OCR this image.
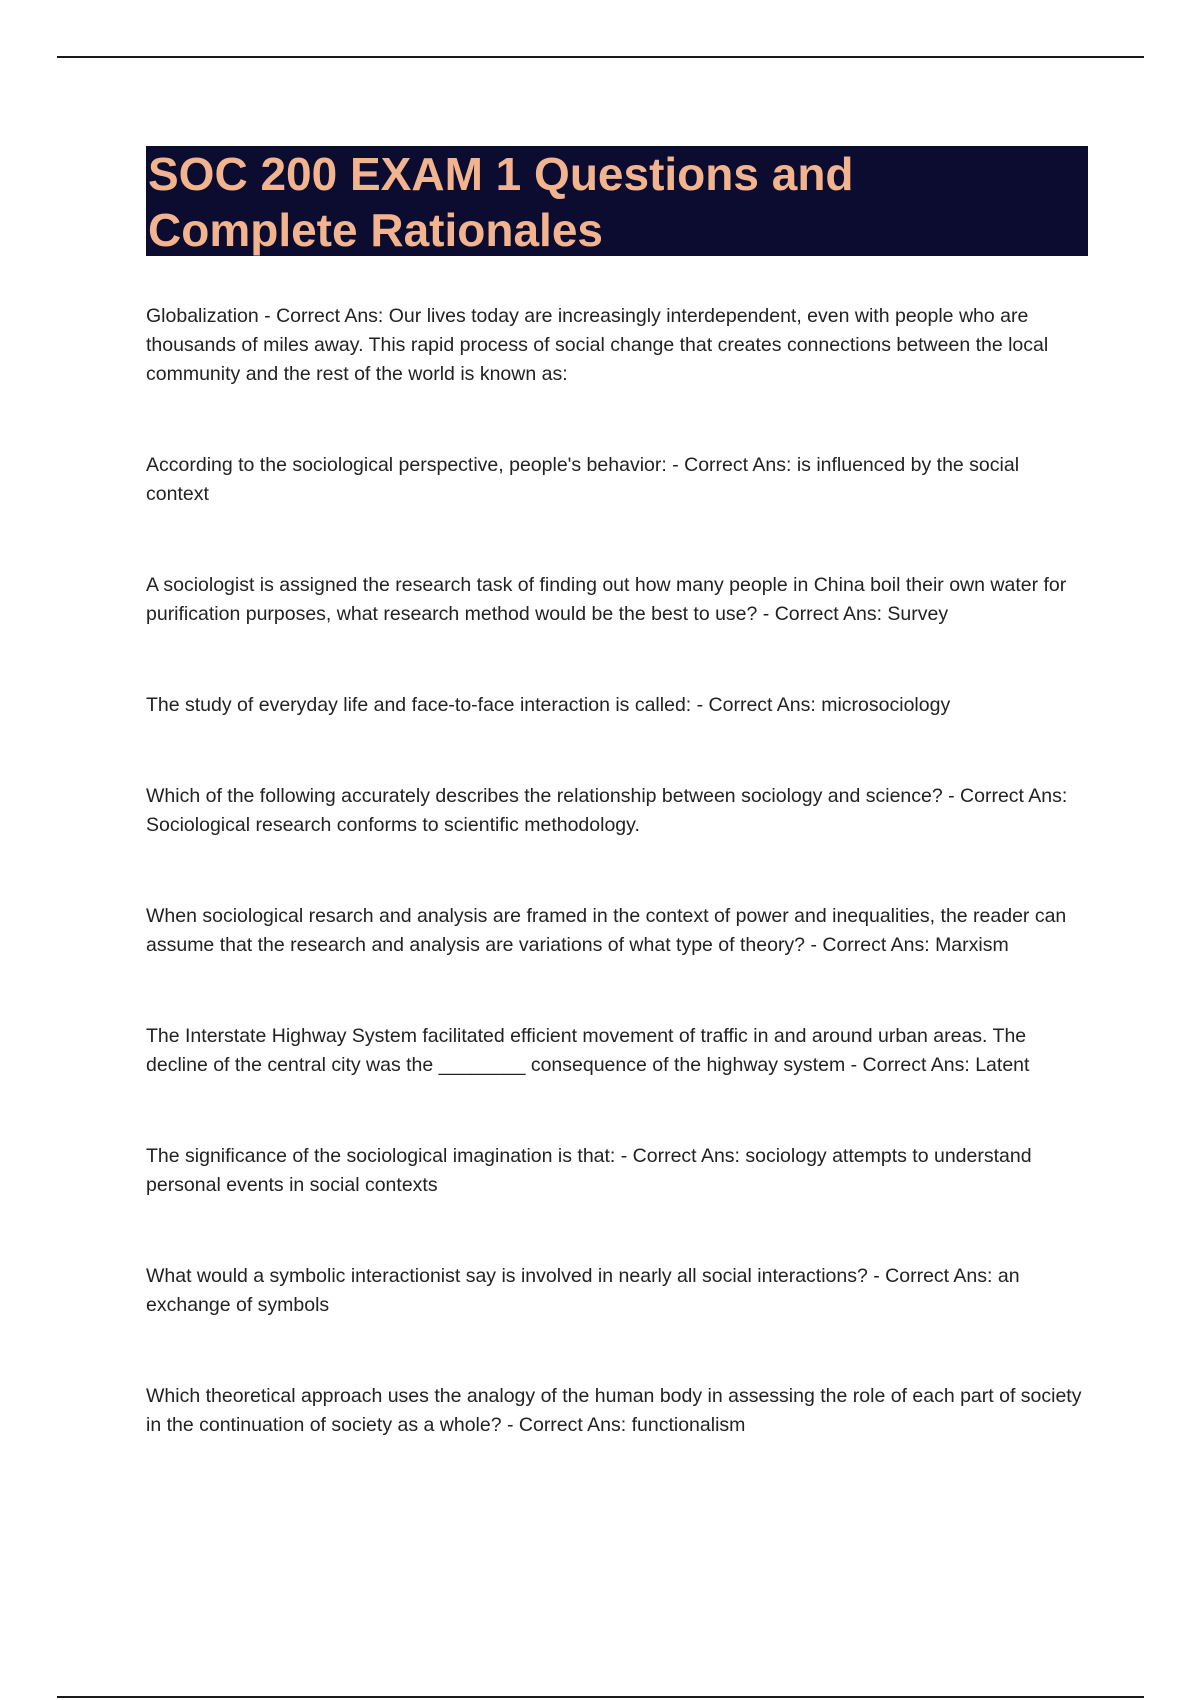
SOC 200 EXAM 1 Questions and Complete Rationales

Globalization - Correct Ans: Our lives today are increasingly interdependent, even with people who are thousands of miles away. This rapid process of social change that creates connections between the local community and the rest of the world is known as:

According to the sociological perspective, people's behavior: - Correct Ans: is influenced by the social context

A sociologist is assigned the research task of finding out how many people in China boil their own water for purification purposes, what research method would be the best to use? - Correct Ans: Survey

The study of everyday life and face-to-face interaction is called: - Correct Ans: microsociology

Which of the following accurately describes the relationship between sociology and science? - Correct Ans: Sociological research conforms to scientific methodology.

When sociological resarch and analysis are framed in the context of power and inequalities, the reader can assume that the research and analysis are variations of what type of theory? - Correct Ans: Marxism

The Interstate Highway System facilitated efficient movement of traffic in and around urban areas. The decline of the central city was the ________ consequence of the highway system - Correct Ans: Latent

The significance of the sociological imagination is that: - Correct Ans: sociology attempts to understand personal events in social contexts

What would a symbolic interactionist say is involved in nearly all social interactions? - Correct Ans: an exchange of symbols

Which theoretical approach uses the analogy of the human body in assessing the role of each part of society in the continuation of society as a whole? - Correct Ans: functionalism
